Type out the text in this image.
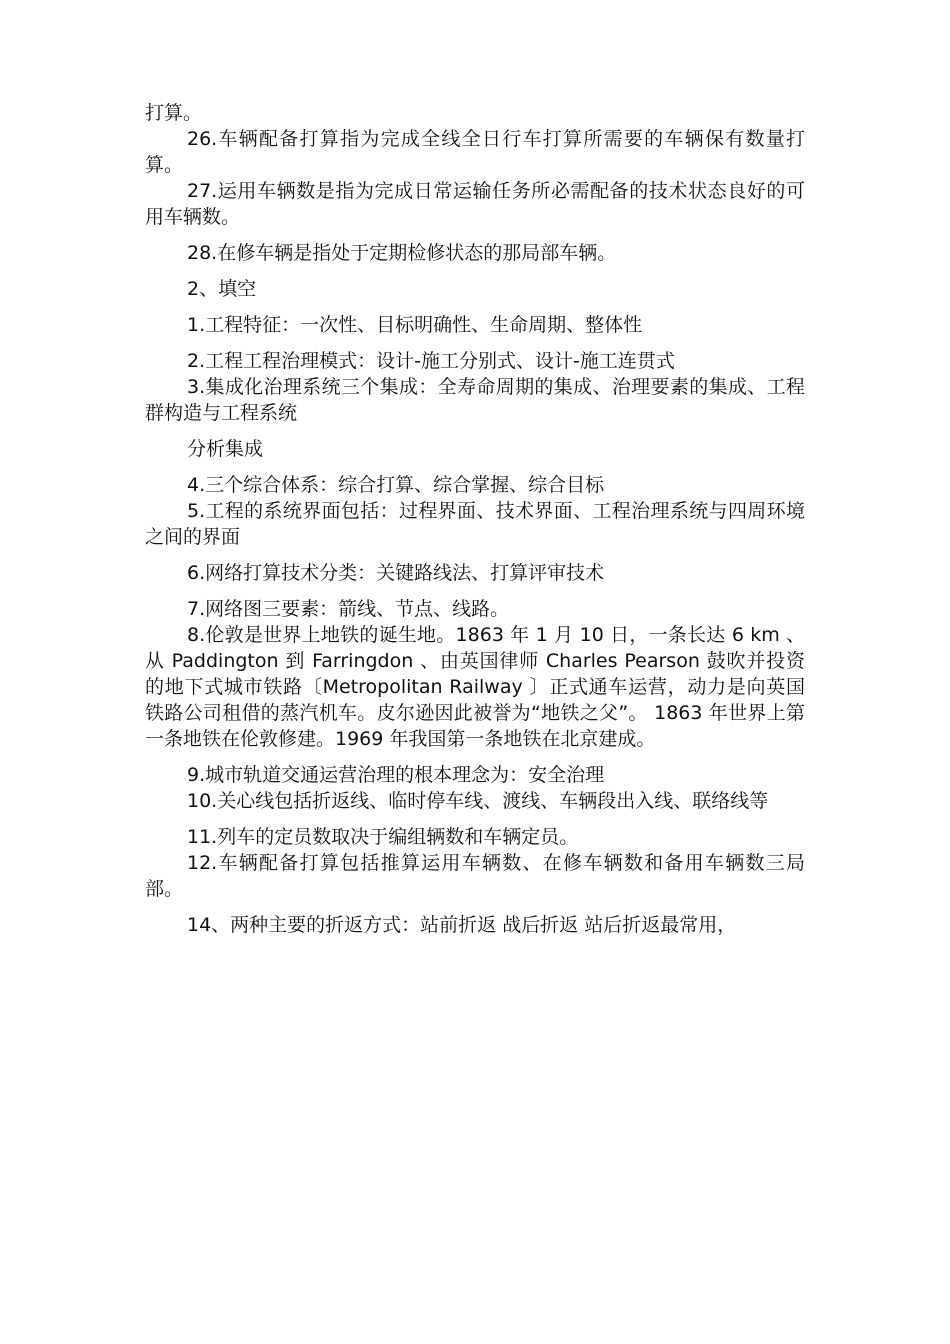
打算。

26.车辆配备打算指为完成全线全日行车打算所需要的车辆保有数量打算。

27.运用车辆数是指为完成日常运输任务所必需配备的技术状态良好的可用车辆数。

28.在修车辆是指处于定期检修状态的那局部车辆。

2、填空

1.工程特征：一次性、目标明确性、生命周期、整体性

2.工程工程治理模式：设计-施工分别式、设计-施工连贯式

3.集成化治理系统三个集成：全寿命周期的集成、治理要素的集成、工程群构造与工程系统

分析集成

4.三个综合体系：综合打算、综合掌握、综合目标

5.工程的系统界面包括：过程界面、技术界面、工程治理系统与四周环境之间的界面

6.网络打算技术分类：关键路线法、打算评审技术

7.网络图三要素：箭线、节点、线路。

8.伦敦是世界上地铁的诞生地。1863 年 1 月 10 日，一条长达 6 km 、从 Paddington 到 Farringdon 、由英国律师 Charles Pearson 鼓吹并投资的地下式城市铁路〔Metropolitan Railway 〕正式通车运营，动力是向英国铁路公司租借的蒸汽机车。皮尔逊因此被誉为“地铁之父”。 1863 年世界上第一条地铁在伦敦修建。1969 年我国第一条地铁在北京建成。

9.城市轨道交通运营治理的根本理念为：安全治理

10.关心线包括折返线、临时停车线、渡线、车辆段出入线、联络线等

11.列车的定员数取决于编组辆数和车辆定员。

12.车辆配备打算包括推算运用车辆数、在修车辆数和备用车辆数三局部。

14、两种主要的折返方式：站前折返 战后折返 站后折返最常用，
